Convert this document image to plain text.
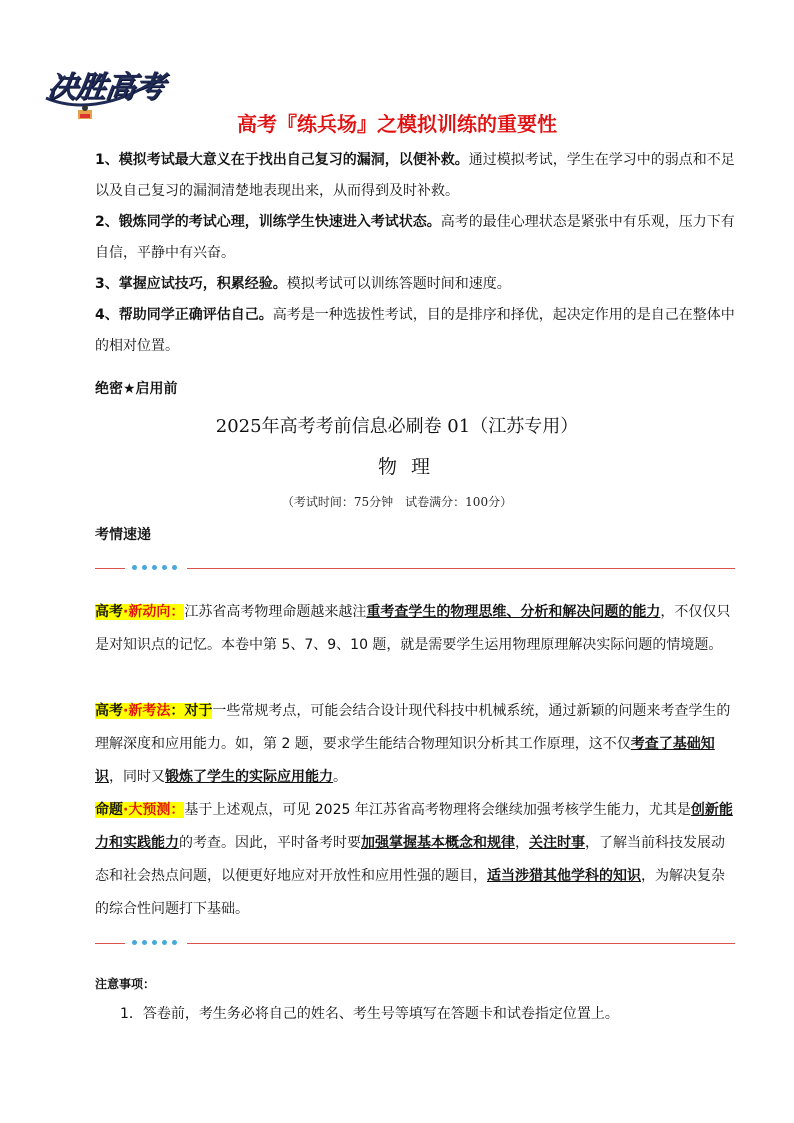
决胜高考
高考『练兵场』之模拟训练的重要性

1、模拟考试最大意义在于找出自己复习的漏洞，以便补救。通过模拟考试，学生在学习中的弱点和不足以及自己复习的漏洞清楚地表现出来，从而得到及时补救。

2、锻炼同学的考试心理，训练学生快速进入考试状态。高考的最佳心理状态是紧张中有乐观，压力下有自信，平静中有兴奋。

3、掌握应试技巧，积累经验。模拟考试可以训练答题时间和速度。

4、帮助同学正确评估自己。高考是一种选拔性考试，目的是排序和择优，起决定作用的是自己在整体中的相对位置。

绝密★启用前
2025年高考考前信息必刷卷 01（江苏专用）
物理
（考试时间：75分钟　试卷满分：100分）
考情速递

高考·新动向：江苏省高考物理命题越来越注重考查学生的物理思维、分析和解决问题的能力，不仅仅只是对知识点的记忆。本卷中第 5、7、9、10 题，就是需要学生运用物理原理解决实际问题的情境题。

高考·新考法：对于一些常规考点，可能会结合设计现代科技中机械系统，通过新颖的问题来考查学生的理解深度和应用能力。如，第 2 题，要求学生能结合物理知识分析其工作原理，这不仅考查了基础知识，同时又锻炼了学生的实际应用能力。

命题·大预测：基于上述观点，可见 2025 年江苏省高考物理将会继续加强考核学生能力，尤其是创新能力和实践能力的考查。因此，平时备考时要加强掌握基本概念和规律，关注时事，了解当前科技发展动态和社会热点问题，以便更好地应对开放性和应用性强的题目，适当涉猎其他学科的知识，为解决复杂的综合性问题打下基础。

注意事项：
1．答卷前，考生务必将自己的姓名、考生号等填写在答题卡和试卷指定位置上。
